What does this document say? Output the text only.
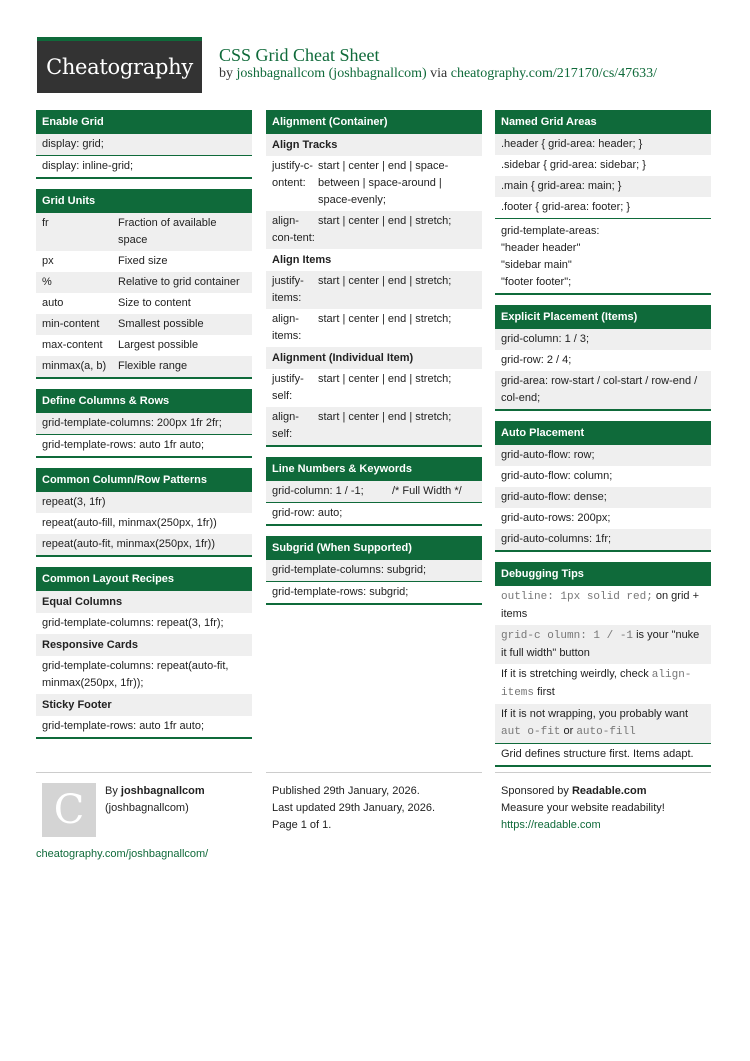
Cheatography CSS Grid Cheat Sheet
by joshbagnallcom (joshbagnallcom) via cheatography.com/217170/cs/47633/
Enable Grid
display: grid;
display: inline-grid;
Grid Units
fr	Fraction of available space
px	Fixed size
%	Relative to grid container
auto	Size to content
min-content	Smallest possible
max-content	Largest possible
minmax(a, b)	Flexible range
Define Columns & Rows
grid-template-columns: 200px 1fr 2fr;
grid-template-rows: auto 1fr auto;
Common Column/Row Patterns
repeat(3, 1fr)
repeat(auto-fill, minmax(250px, 1fr))
repeat(auto-fit, minmax(250px, 1fr))
Common Layout Recipes
Equal Columns
grid-template-columns: repeat(3, 1fr);
Responsive Cards
grid-template-columns: repeat(auto-fit, minmax(250px, 1fr));
Sticky Footer
grid-template-rows: auto 1fr auto;
Alignment (Container)
Align Tracks
justify-c-ontent:
start | center | end | space-between | space-around | space-evenly;
align-con-tent:
start | center | end | stretch;
Align Items
justify-items:
start | center | end | stretch;
align-items:
start | center | end | stretch;
Alignment (Individual Item)
justify-self:
start | center | end | stretch;
align-self:
start | center | end | stretch;
Line Numbers & Keywords
grid-column: 1 / -1;	/* Full Width */
grid-row: auto;
Subgrid (When Supported)
grid-template-columns: subgrid;
grid-template-rows: subgrid;
Named Grid Areas
.header { grid-area: header; }
.sidebar { grid-area: sidebar; }
.main { grid-area: main; }
.footer { grid-area: footer; }
grid-template-areas:
"header header"
"sidebar main"
"footer footer";
Explicit Placement (Items)
grid-column: 1 / 3;
grid-row: 2 / 4;
grid-area: row-start / col-start / row-end / col-end;
Auto Placement
grid-auto-flow: row;
grid-auto-flow: column;
grid-auto-flow: dense;
grid-auto-rows: 200px;
grid-auto-columns: 1fr;
Debugging Tips
outline: 1px solid red; on grid + items
grid-c olumn: 1 / -1 is your "nuke it full width" button
If it is stretching weirdly, check align- items first
If it is not wrapping, you probably want aut o-fit or auto-fill
Grid defines structure first. Items adapt.
C	By joshbagnallcom
(joshbagnallcom)
cheatography.com/joshbagnallcom/
Published 29th January, 2026.
Last updated 29th January, 2026.
Page 1 of 1.
Sponsored by Readable.com
Measure your website readability!
https://readable.com
